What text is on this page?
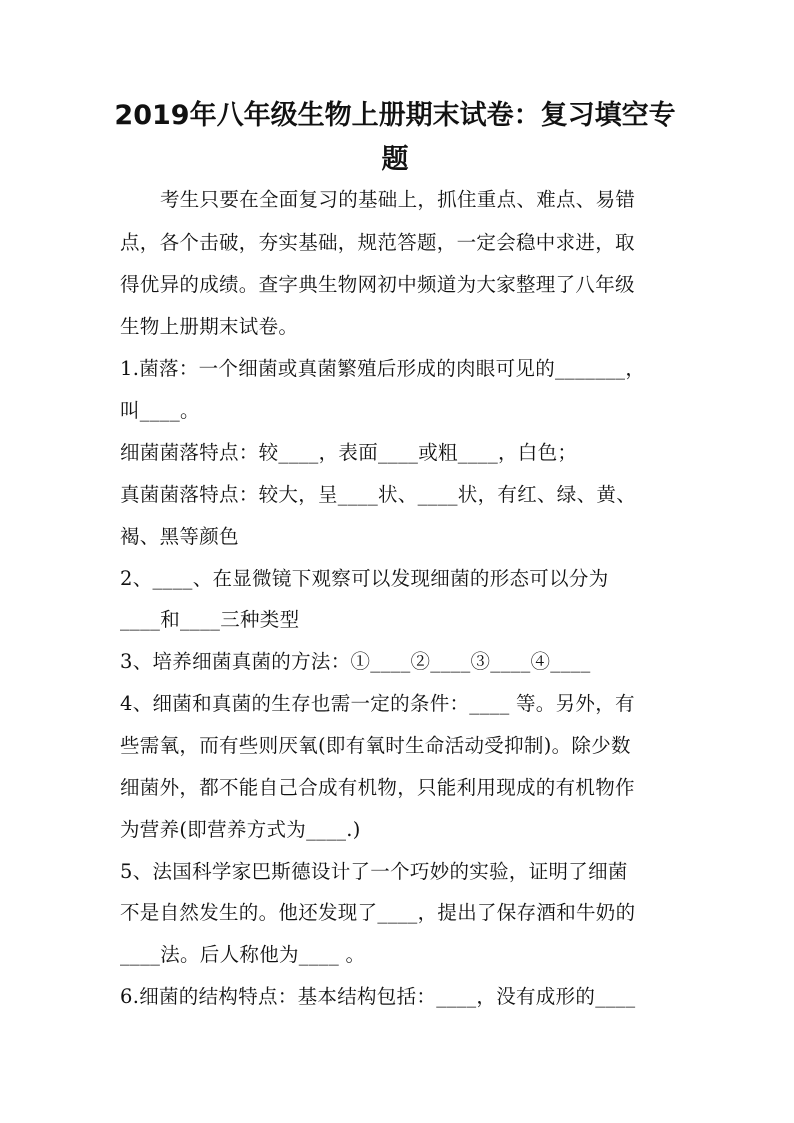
2019年八年级生物上册期末试卷：复习填空专
题

考生只要在全面复习的基础上，抓住重点、难点、易错

点，各个击破，夯实基础，规范答题，一定会稳中求进，取

得优异的成绩。查字典生物网初中频道为大家整理了八年级

生物上册期末试卷。

1.菌落：一个细菌或真菌繁殖后形成的肉眼可见的_______，

叫____。

细菌菌落特点：较____，表面____或粗____，白色；

真菌菌落特点：较大，呈____状、____状，有红、绿、黄、

褐、黑等颜色

2、____、在显微镜下观察可以发现细菌的形态可以分为

____和____三种类型

3、培养细菌真菌的方法：①____②____③____④____

4、细菌和真菌的生存也需一定的条件：____ 等。另外，有

些需氧，而有些则厌氧(即有氧时生命活动受抑制)。除少数

细菌外，都不能自己合成有机物，只能利用现成的有机物作

为营养(即营养方式为____.)

5、法国科学家巴斯德设计了一个巧妙的实验，证明了细菌

不是自然发生的。他还发现了____，提出了保存酒和牛奶的

____法。后人称他为____ 。

6.细菌的结构特点：基本结构包括：____，没有成形的____
